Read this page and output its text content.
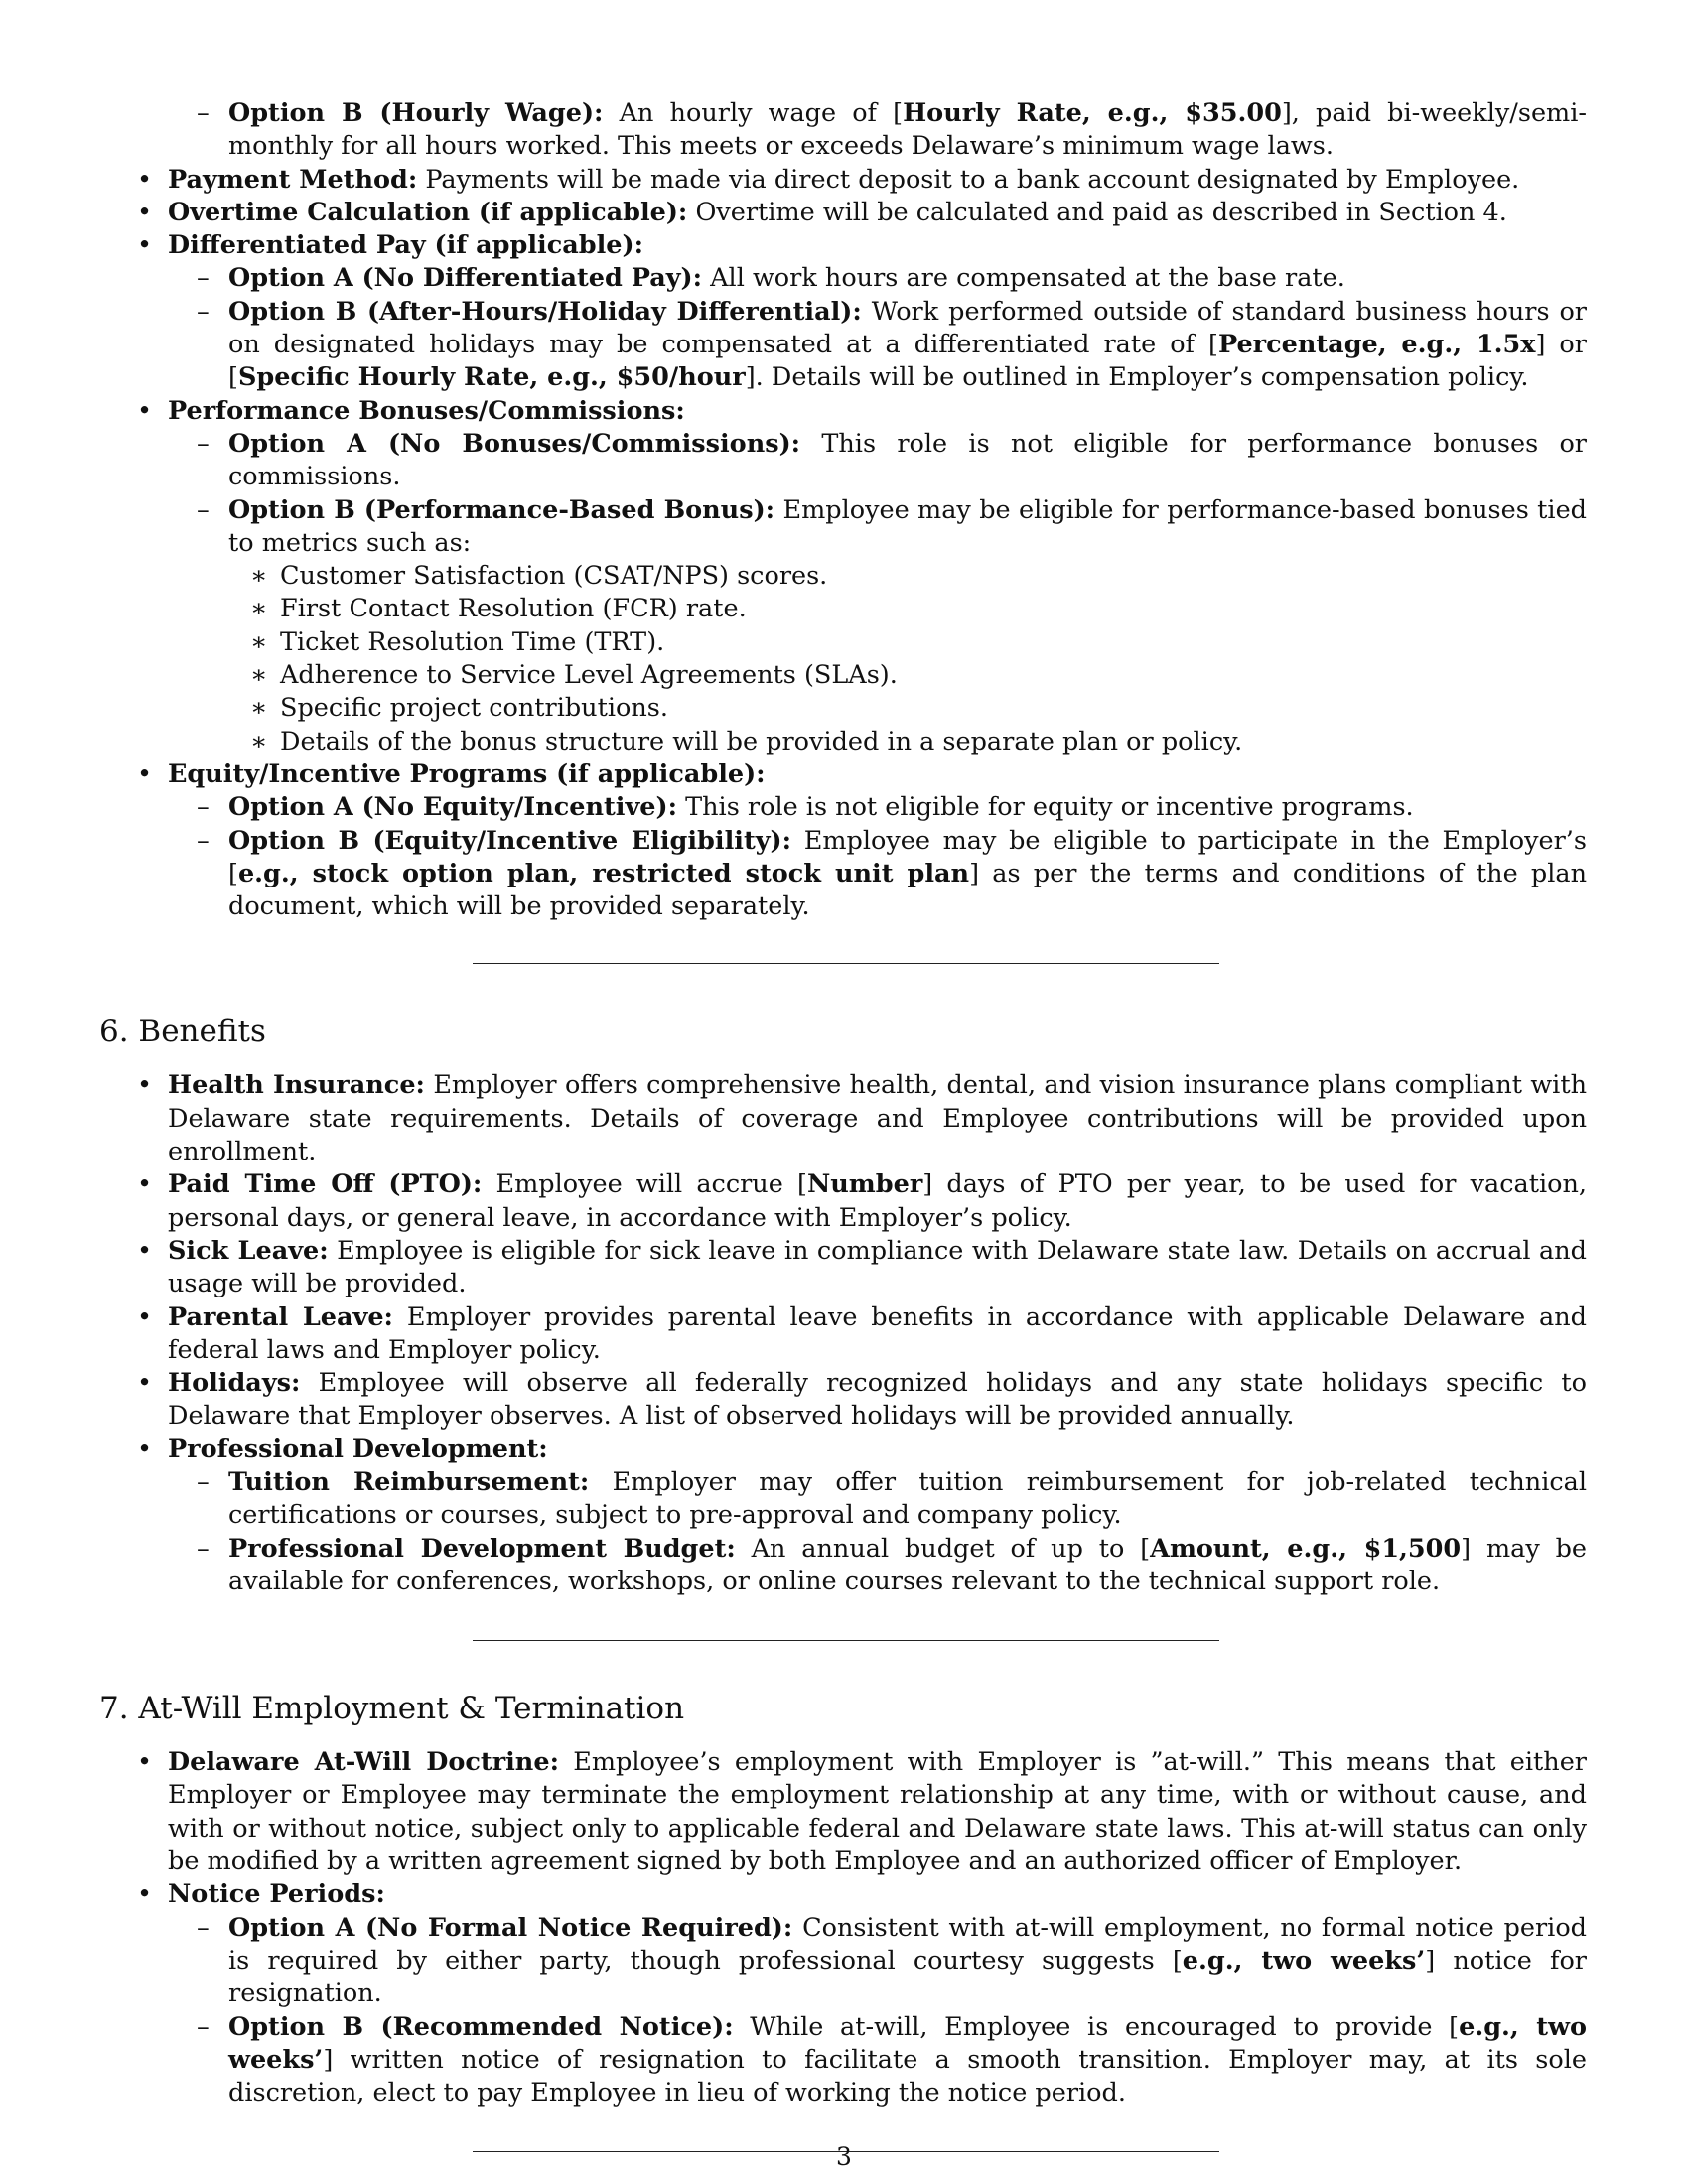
– Option B (Hourly Wage): An hourly wage of [Hourly Rate, e.g., $35.00], paid bi-weekly/semi-monthly for all hours worked. This meets or exceeds Delaware’s minimum wage laws.
• Payment Method: Payments will be made via direct deposit to a bank account designated by Employee.
• Overtime Calculation (if applicable): Overtime will be calculated and paid as described in Section 4.
• Differentiated Pay (if applicable):
– Option A (No Differentiated Pay): All work hours are compensated at the base rate.
– Option B (After-Hours/Holiday Differential): Work performed outside of standard business hours or on designated holidays may be compensated at a differentiated rate of [Percentage, e.g., 1.5x] or [Specific Hourly Rate, e.g., $50/hour]. Details will be outlined in Employer’s compensation policy.
• Performance Bonuses/Commissions:
– Option A (No Bonuses/Commissions): This role is not eligible for performance bonuses or commissions.
– Option B (Performance-Based Bonus): Employee may be eligible for performance-based bonuses tied to metrics such as:
∗ Customer Satisfaction (CSAT/NPS) scores.
∗ First Contact Resolution (FCR) rate.
∗ Ticket Resolution Time (TRT).
∗ Adherence to Service Level Agreements (SLAs).
∗ Specific project contributions.
∗ Details of the bonus structure will be provided in a separate plan or policy.
• Equity/Incentive Programs (if applicable):
– Option A (No Equity/Incentive): This role is not eligible for equity or incentive programs.
– Option B (Equity/Incentive Eligibility): Employee may be eligible to participate in the Employer’s [e.g., stock option plan, restricted stock unit plan] as per the terms and conditions of the plan document, which will be provided separately.
6. Benefits
• Health Insurance: Employer offers comprehensive health, dental, and vision insurance plans compliant with Delaware state requirements. Details of coverage and Employee contributions will be provided upon enrollment.
• Paid Time Off (PTO): Employee will accrue [Number] days of PTO per year, to be used for vacation, personal days, or general leave, in accordance with Employer’s policy.
• Sick Leave: Employee is eligible for sick leave in compliance with Delaware state law. Details on accrual and usage will be provided.
• Parental Leave: Employer provides parental leave benefits in accordance with applicable Delaware and federal laws and Employer policy.
• Holidays: Employee will observe all federally recognized holidays and any state holidays specific to Delaware that Employer observes. A list of observed holidays will be provided annually.
• Professional Development:
– Tuition Reimbursement: Employer may offer tuition reimbursement for job-related technical certifications or courses, subject to pre-approval and company policy.
– Professional Development Budget: An annual budget of up to [Amount, e.g., $1,500] may be available for conferences, workshops, or online courses relevant to the technical support role.
7. At-Will Employment & Termination
• Delaware At-Will Doctrine: Employee’s employment with Employer is ”at-will.” This means that either Employer or Employee may terminate the employment relationship at any time, with or without cause, and with or without notice, subject only to applicable federal and Delaware state laws. This at-will status can only be modified by a written agreement signed by both Employee and an authorized officer of Employer.
• Notice Periods:
– Option A (No Formal Notice Required): Consistent with at-will employment, no formal notice period is required by either party, though professional courtesy suggests [e.g., two weeks’] notice for resignation.
– Option B (Recommended Notice): While at-will, Employee is encouraged to provide [e.g., two weeks’] written notice of resignation to facilitate a smooth transition. Employer may, at its sole discretion, elect to pay Employee in lieu of working the notice period.
3
